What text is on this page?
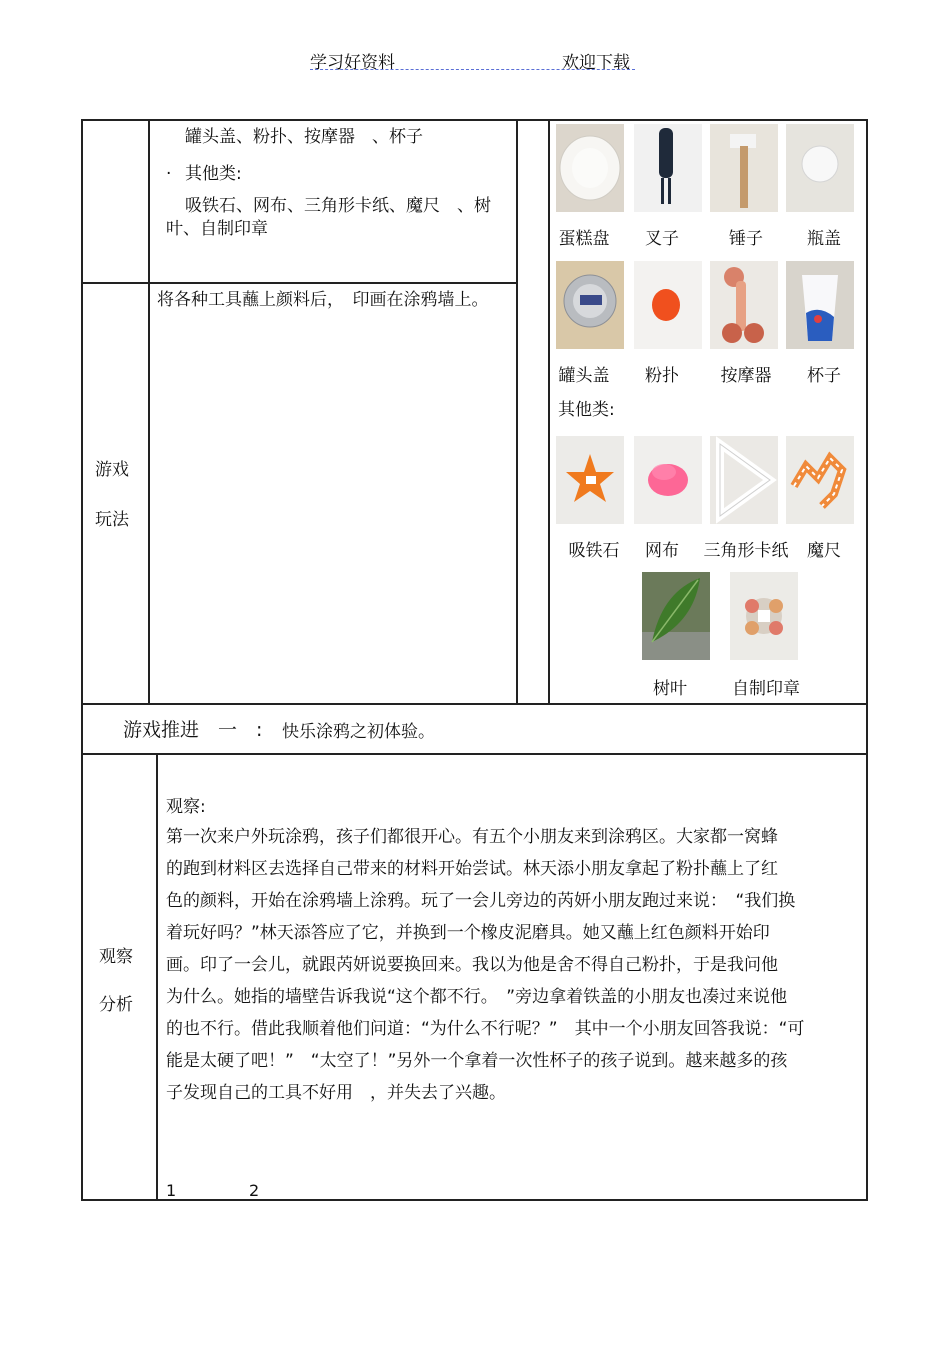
学习好资料	欢迎下载
罐头盖、粉扑、按摩器　、杯子
· 其他类:
吸铁石、网布、三角形卡纸、魔尺　、树
叶、自制印章
游戏
玩法
将各种工具蘸上颜料后，　印画在涂鸦墙上。
蛋糕盘	叉子	锤子	瓶盖
罐头盖	粉扑	按摩器	杯子
其他类:
吸铁石	网布	三角形卡纸	魔尺
树叶	自制印章
游戏推进　一　: 快乐涂鸦之初体验。
观察
分析
观察:
第一次来户外玩涂鸦，孩子们都很开心。有五个小朋友来到涂鸦区。大家都一窝蜂
的跑到材料区去选择自己带来的材料开始尝试。林天添小朋友拿起了粉扑蘸上了红
色的颜料，开始在涂鸦墙上涂鸦。玩了一会儿旁边的芮妍小朋友跑过来说：　“我们换
着玩好吗？”林天添答应了它，并换到一个橡皮泥磨具。她又蘸上红色颜料开始印
画。印了一会儿，就跟芮妍说要换回来。我以为他是舍不得自己粉扑，于是我问他
为什么。她指的墙壁告诉我说“这个都不行。　”旁边拿着铁盖的小朋友也凑过来说他
的也不行。借此我顺着他们问道：“为什么不行呢？”　其中一个小朋友回答我说：“可
能是太硬了吧！”　“太空了！”另外一个拿着一次性杯子的孩子说到。越来越多的孩
子发现自己的工具不好用　，并失去了兴趣。
1	2
